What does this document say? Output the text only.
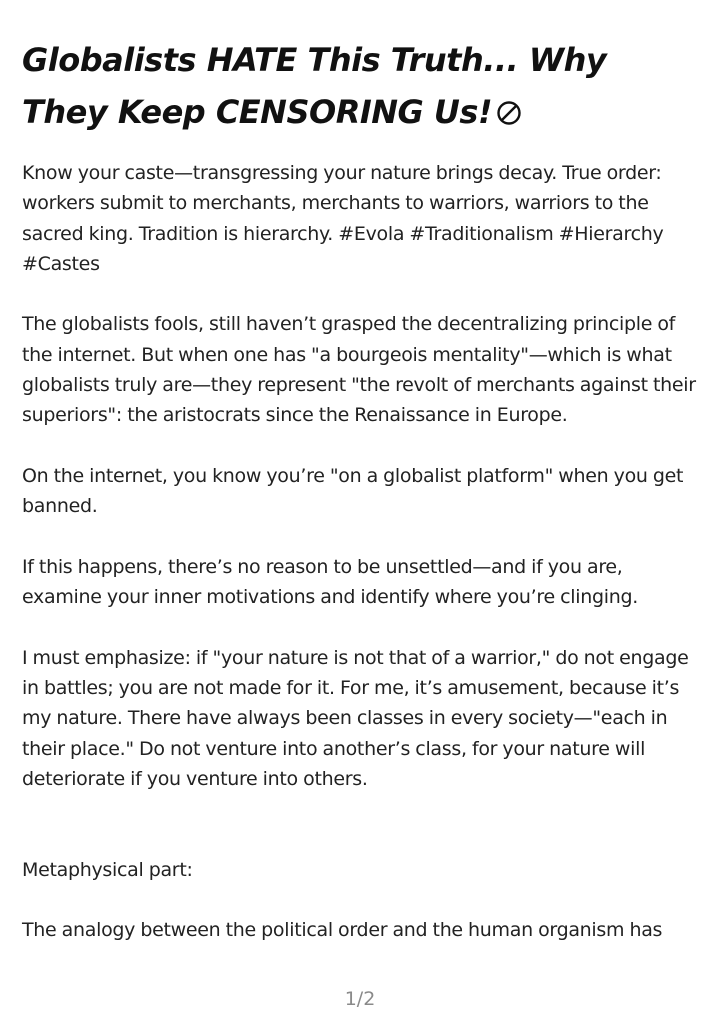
Globalists HATE This Truth... Why They Keep CENSORING Us!

Know your caste—transgressing your nature brings decay. True order: workers submit to merchants, merchants to warriors, warriors to the sacred king. Tradition is hierarchy. #Evola #Traditionalism #Hierarchy #Castes

The globalists fools, still haven’t grasped the decentralizing principle of the internet. But when one has "a bourgeois mentality"—which is what globalists truly are—they represent "the revolt of merchants against their superiors": the aristocrats since the Renaissance in Europe.

On the internet, you know you’re "on a globalist platform" when you get banned.

If this happens, there’s no reason to be unsettled—and if you are, examine your inner motivations and identify where you’re clinging.

I must emphasize: if "your nature is not that of a warrior," do not engage in battles; you are not made for it. For me, it’s amusement, because it’s my nature. There have always been classes in every society—"each in their place." Do not venture into another’s class, for your nature will deteriorate if you venture into others.

Metaphysical part:

The analogy between the political order and the human organism has

1/2
